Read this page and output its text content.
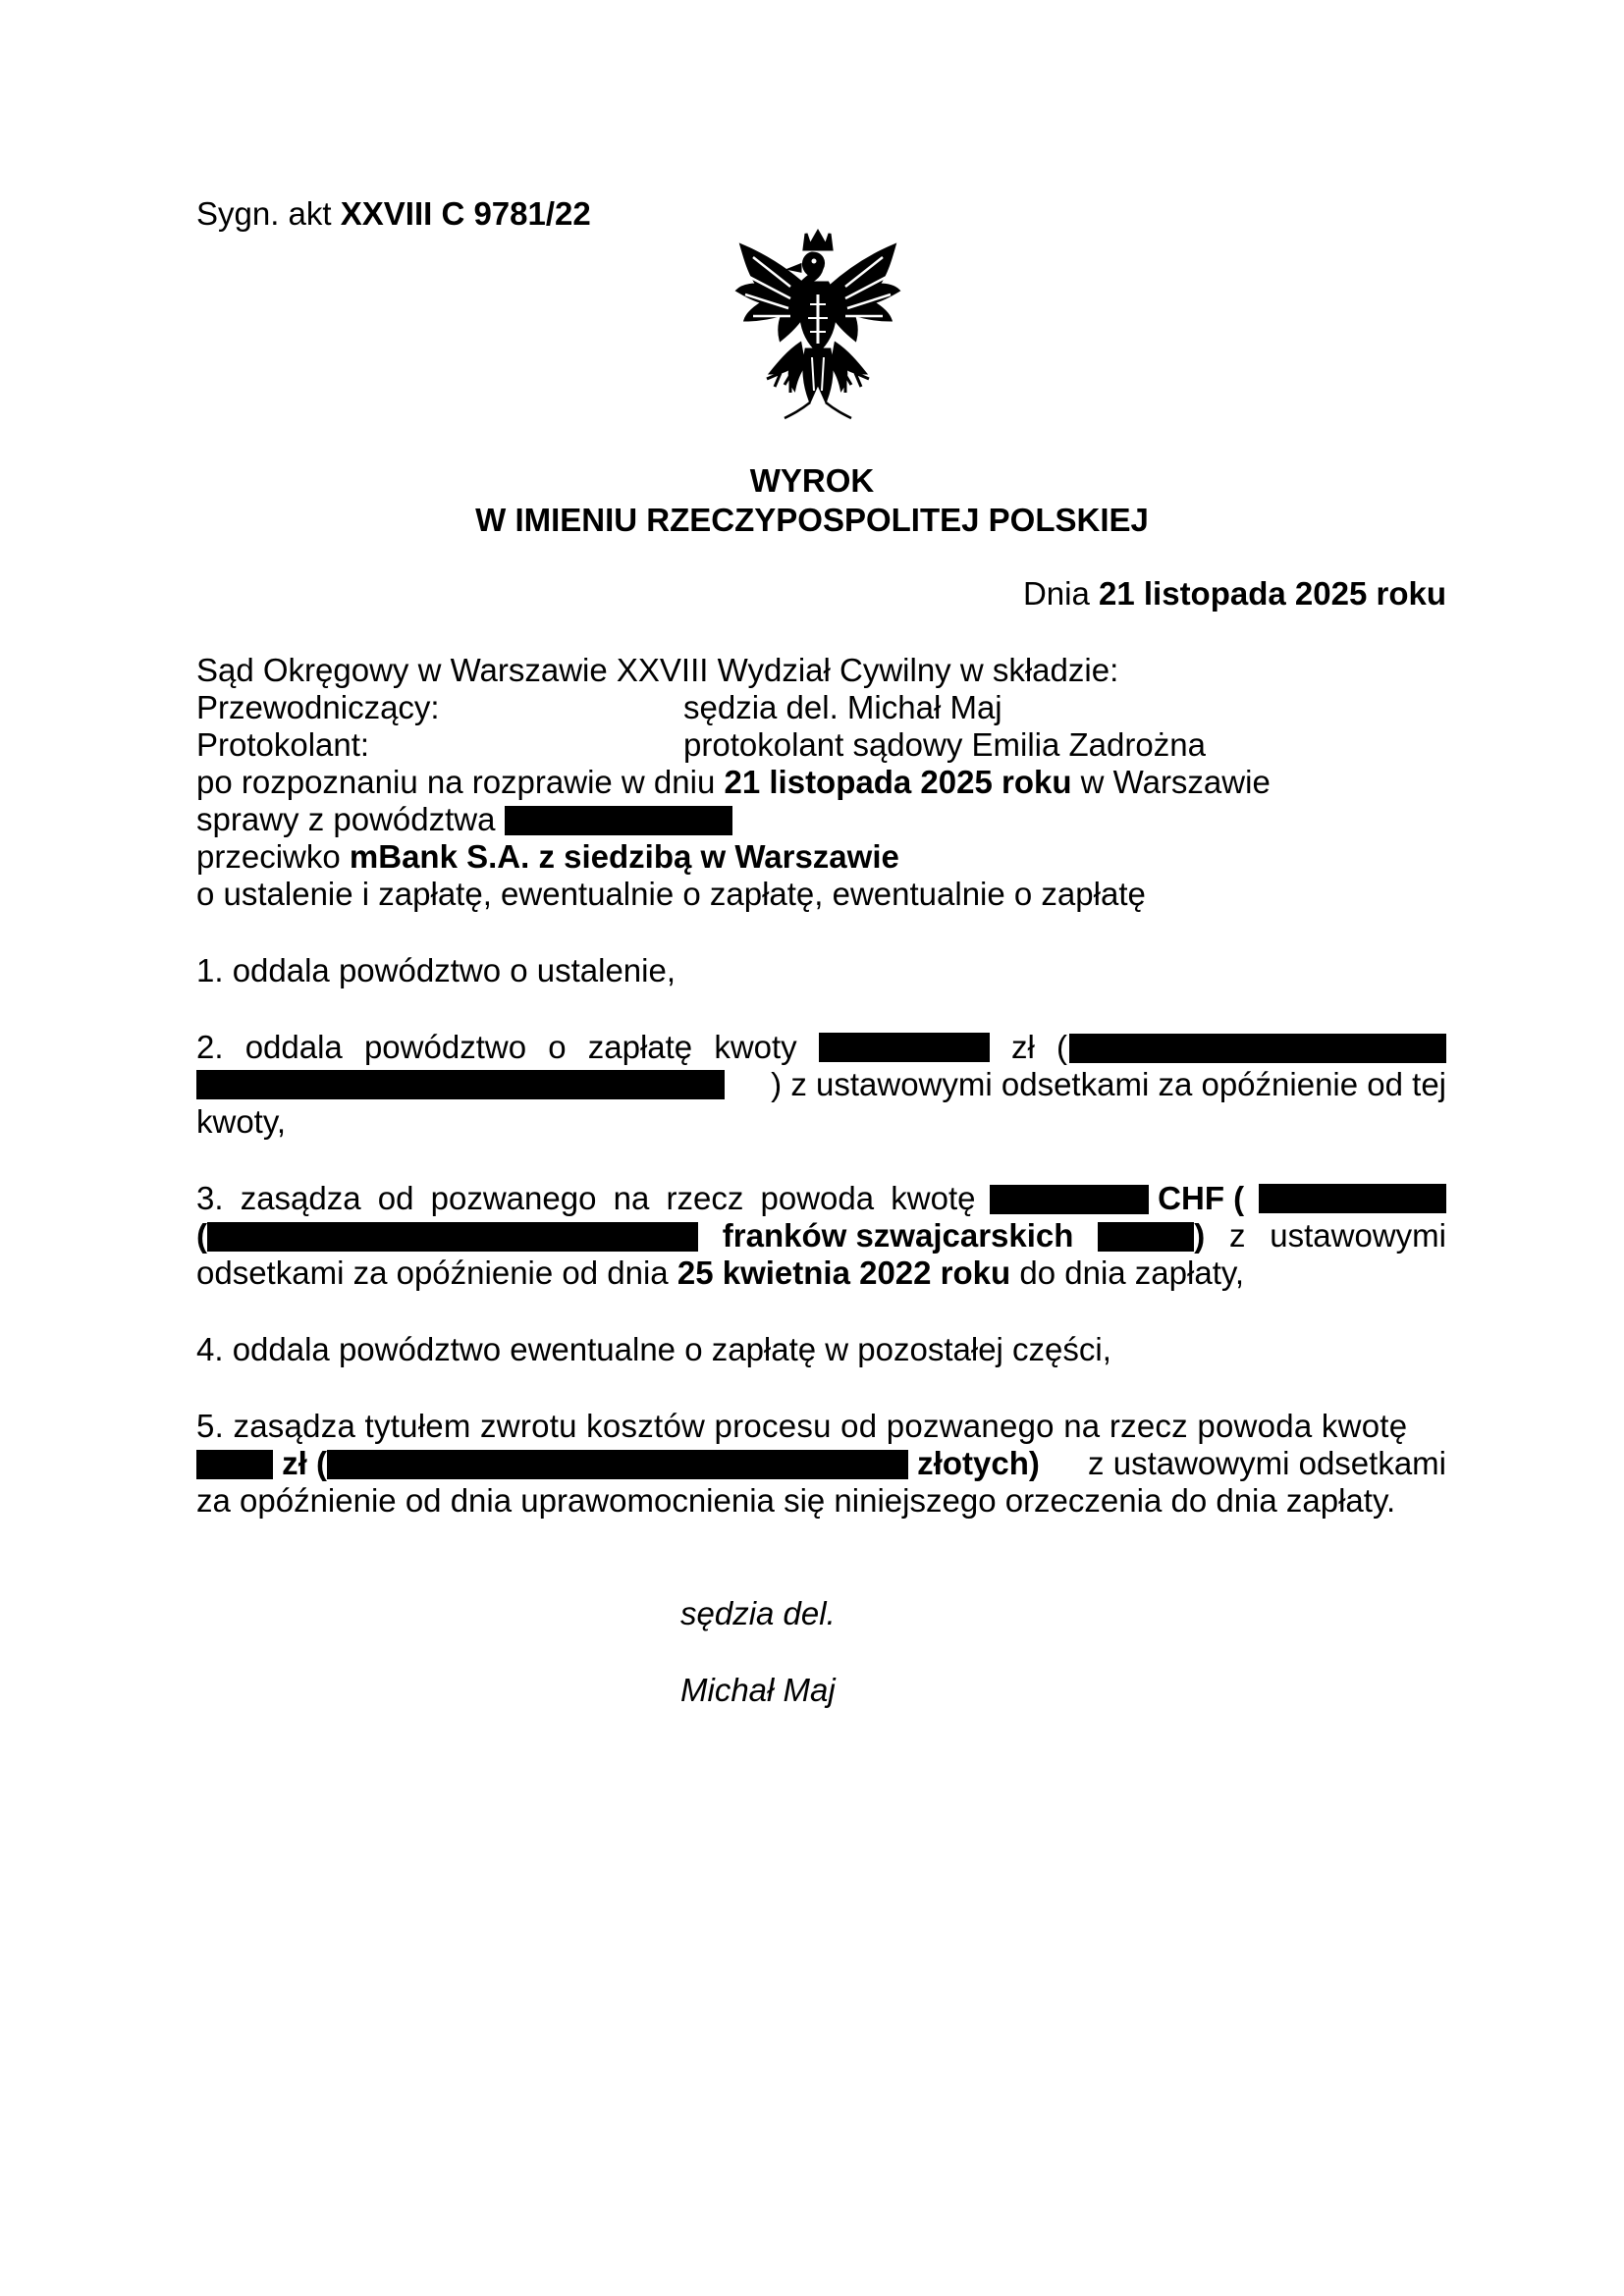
Sygn. akt XXVIII C 9781/22
WYROK
W IMIENIU RZECZYPOSPOLITEJ POLSKIEJ
Dnia 21 listopada 2025 roku
Sąd Okręgowy w Warszawie XXVIII Wydział Cywilny w składzie:
Przewodniczący:	sędzia del. Michał Maj
Protokolant:	protokolant sądowy Emilia Zadrożna
po rozpoznaniu na rozprawie w dniu 21 listopada 2025 roku w Warszawie
sprawy z powództwa
przeciwko mBank S.A. z siedzibą w Warszawie
o ustalenie i zapłatę, ewentualnie o zapłatę, ewentualnie o zapłatę
1. oddala powództwo o ustalenie,
2. oddala powództwo o zapłatę kwoty	zł (
) z ustawowymi odsetkami za opóźnienie od tej
kwoty,
3. zasądza od pozwanego na rzecz powoda kwotę	CHF (
(	franków szwajcarskich	) z ustawowymi
odsetkami za opóźnienie od dnia 25 kwietnia 2022 roku do dnia zapłaty,
4. oddala powództwo ewentualne o zapłatę w pozostałej części,
5. zasądza tytułem zwrotu kosztów procesu od pozwanego na rzecz powoda kwotę
zł (	złotych) z ustawowymi odsetkami
za opóźnienie od dnia uprawomocnienia się niniejszego orzeczenia do dnia zapłaty.
sędzia del.
Michał Maj
